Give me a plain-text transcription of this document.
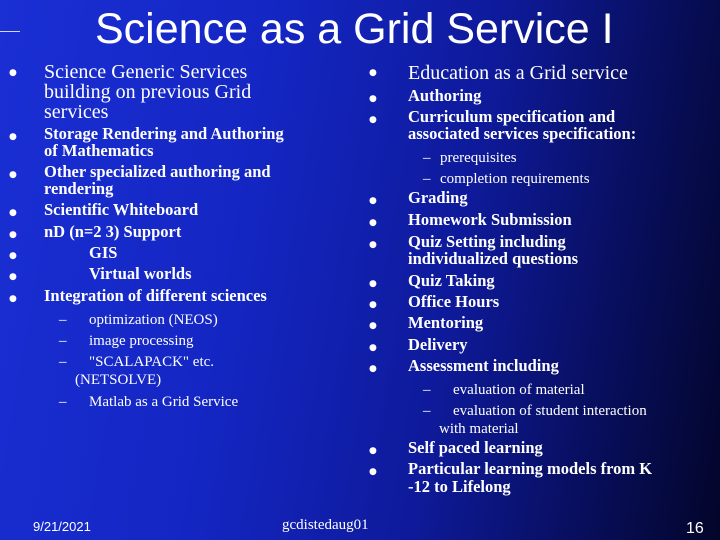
Science as a Grid Service I
● Science Generic Services
building on previous Grid
services
● Storage Rendering and Authoring
of Mathematics
● Other specialized authoring and
rendering
● Scientific Whiteboard
● nD (n=2 3) Support
●	GIS
●	Virtual worlds
● Integration of different sciences
– optimization (NEOS)
– image processing
– "SCALAPACK" etc.
(NETSOLVE)
– Matlab as a Grid Service
● Education as a Grid service
● Authoring
● Curriculum specification and
associated services specification:
– prerequisites
– completion requirements
● Grading
● Homework Submission
● Quiz Setting including
individualized questions
● Quiz Taking
● Office Hours
● Mentoring
● Delivery
● Assessment including
– evaluation of material
– evaluation of student interaction
with material
● Self paced learning
● Particular learning models from K
-12 to Lifelong
9/21/2021	gcdistedaug01	16
